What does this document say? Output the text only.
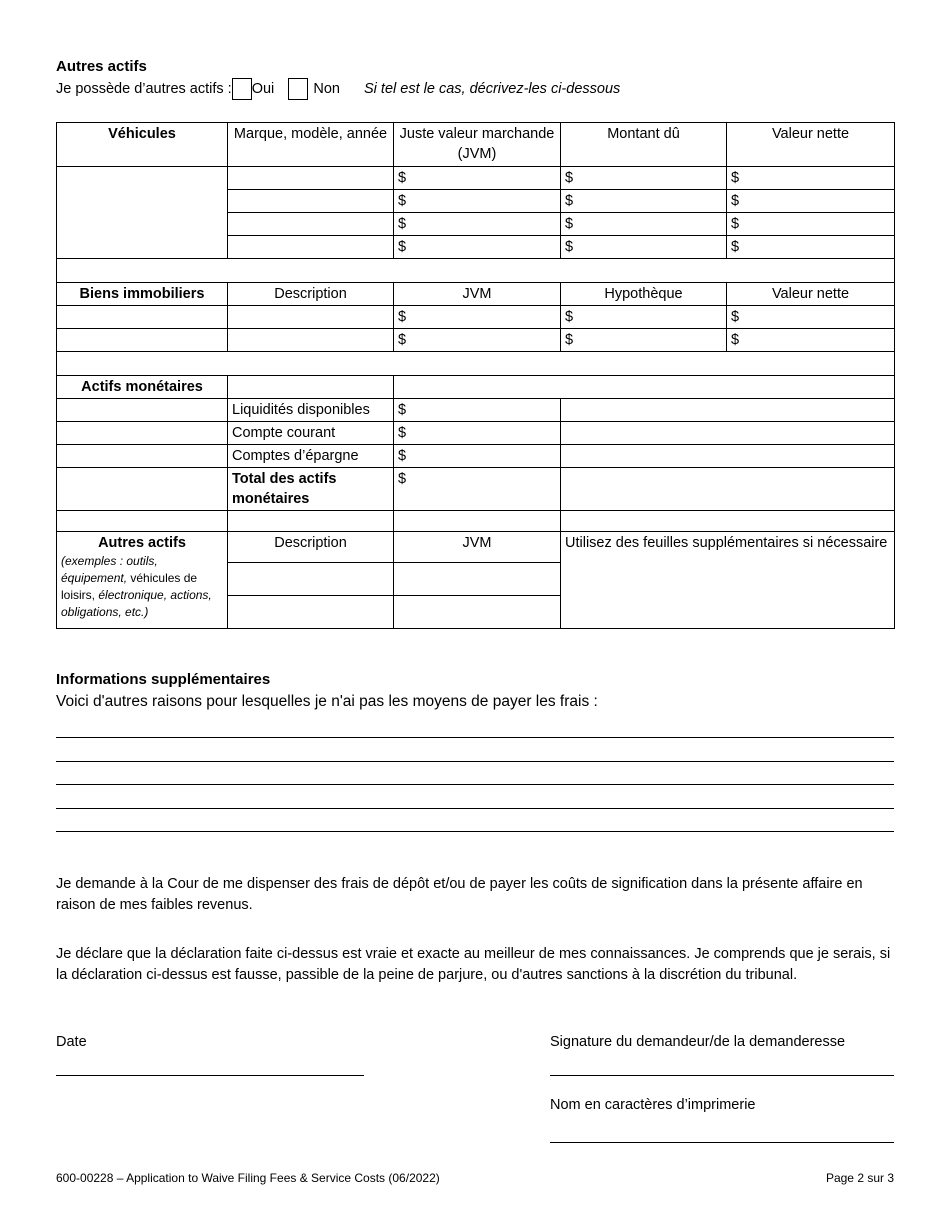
Autres actifs
Je possède d’autres actifs : Oui	Non Si tel est le cas, décrivez-les ci-dessous
Véhicules	Marque, modèle, année	Juste valeur marchande (JVM)	Montant dû	Valeur nette
		$	$	$
		$	$	$
		$	$	$
		$	$	$

Biens immobiliers	Description	JVM	Hypothèque	Valeur nette
		$	$	$
		$	$	$

Actifs monétaires				
	Liquidités disponibles	$		
	Compte courant	$		
	Comptes d’épargne	$		
	Total des actifs monétaires	$		

Autres actifs
(exemples : outils, équipement, véhicules de loisirs, électronique, actions, obligations, etc.)	Description	JVM	Utilisez des feuilles supplémentaires si nécessaire	

Informations supplémentaires
Voici d'autres raisons pour lesquelles je n'ai pas les moyens de payer les frais :
Je demande à la Cour de me dispenser des frais de dépôt et/ou de payer les coûts de signification dans la présente affaire en raison de mes faibles revenus.
Je déclare que la déclaration faite ci-dessus est vraie et exacte au meilleur de mes connaissances. Je comprends que je serais, si la déclaration ci-dessus est fausse, passible de la peine de parjure, ou d'autres sanctions à la discrétion du tribunal.
Date	Signature du demandeur/de la demanderesse
Nom en caractères d’imprimerie
600-00228 – Application to Waive Filing Fees & Service Costs (06/2022)	Page 2 sur 3
